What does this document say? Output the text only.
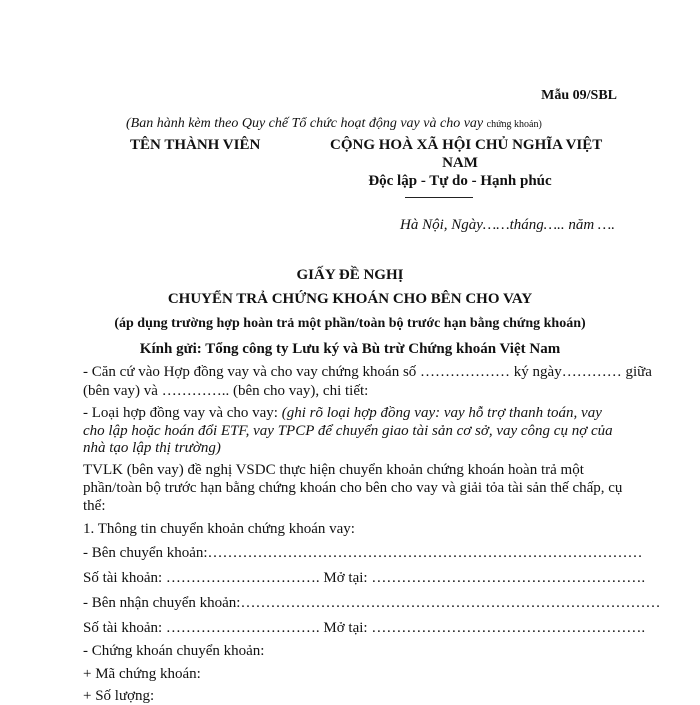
Mẫu 09/SBL
(Ban hành kèm theo Quy chế Tổ chức hoạt động vay và cho vay chứng khoán)
TÊN THÀNH VIÊN	CỘNG HOÀ XÃ HỘI CHỦ NGHĨA VIỆT
NAM
Độc lập - Tự do - Hạnh phúc
Hà Nội, Ngày……tháng….. năm ….
GIẤY ĐỀ NGHỊ
CHUYỂN TRẢ CHỨNG KHOÁN CHO BÊN CHO VAY
(áp dụng trường hợp hoàn trả một phần/toàn bộ trước hạn bằng chứng khoán)
Kính gửi: Tổng công ty Lưu ký và Bù trừ Chứng khoán Việt Nam
- Căn cứ vào Hợp đồng vay và cho vay chứng khoán số ……………… ký ngày………… giữa
(bên vay) và ………….. (bên cho vay), chi tiết:
- Loại hợp đồng vay và cho vay: (ghi rõ loại hợp đồng vay: vay hỗ trợ thanh toán, vay
cho lập hoặc hoán đổi ETF, vay TPCP để chuyển giao tài sản cơ sở, vay công cụ nợ của
nhà tạo lập thị trường)
TVLK (bên vay) đề nghị VSDC thực hiện chuyển khoản chứng khoán hoàn trả một
phần/toàn bộ trước hạn bằng chứng khoán cho bên cho vay và giải tỏa tài sản thế chấp, cụ
thể:
1. Thông tin chuyển khoản chứng khoán vay:
- Bên chuyển khoản:……………………………………………………………………………
Số tài khoản: …………………………. Mở tại: ……………………………………………….
- Bên nhận chuyển khoản:…………………………………………………………………………
Số tài khoản: …………………………. Mở tại: ……………………………………………….
- Chứng khoán chuyển khoản:
+ Mã chứng khoán:
+ Số lượng:
